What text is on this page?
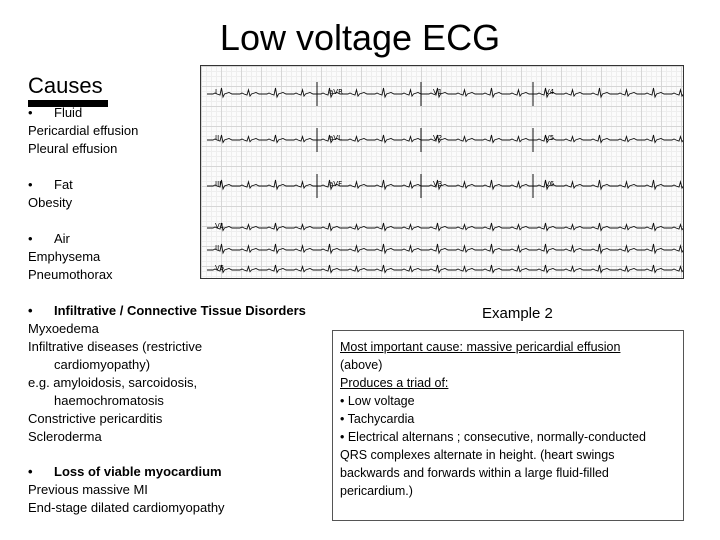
Low voltage ECG
Causes
• Fluid
Pericardial effusion
Pleural effusion
• Fat
Obesity
• Air
Emphysema
Pneumothorax
• Infiltrative / Connective Tissue Disorders
Myxoedema
Infiltrative diseases (restrictive
cardiomyopathy)
e.g. amyloidosis, sarcoidosis,
haemochromatosis
Constrictive pericarditis
Scleroderma
• Loss of viable myocardium
Previous massive MI
End-stage dilated cardiomyopathy
I	aVR	V1	V4
II	aVL	V2	V5
III	aVF	V3	V6
V1
II
V5
Example 2
Most important cause: massive pericardial effusion
(above)
Produces a triad of:
• Low voltage
• Tachycardia
• Electrical alternans ; consecutive, normally-conducted
QRS complexes alternate in height. (heart swings
backwards and forwards within a large fluid-filled
pericardium.)
